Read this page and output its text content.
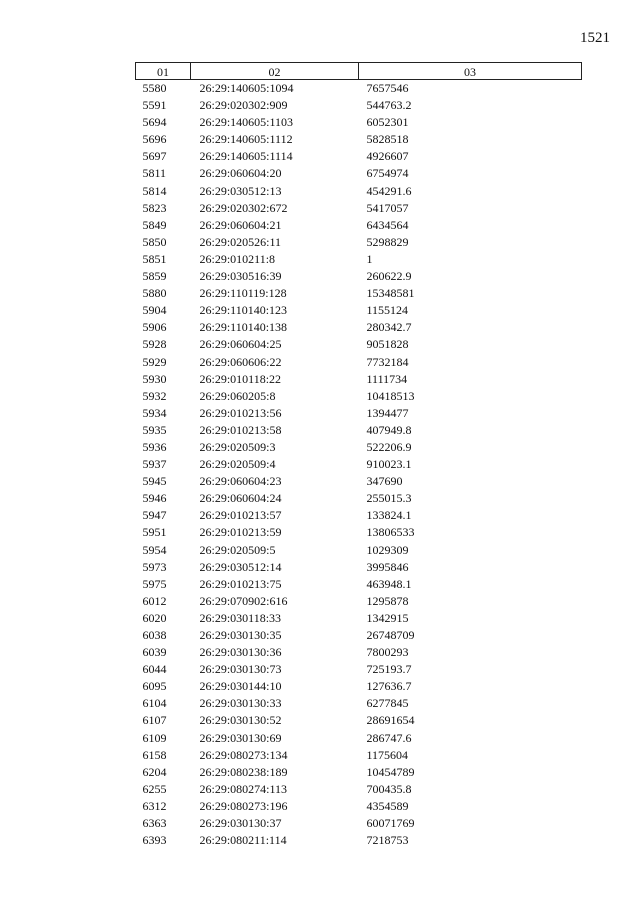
1521
01	02	03
5580	26:29:140605:1094	7657546
5591	26:29:020302:909	544763.2
5694	26:29:140605:1103	6052301
5696	26:29:140605:1112	5828518
5697	26:29:140605:1114	4926607
5811	26:29:060604:20	6754974
5814	26:29:030512:13	454291.6
5823	26:29:020302:672	5417057
5849	26:29:060604:21	6434564
5850	26:29:020526:11	5298829
5851	26:29:010211:8	1
5859	26:29:030516:39	260622.9
5880	26:29:110119:128	15348581
5904	26:29:110140:123	1155124
5906	26:29:110140:138	280342.7
5928	26:29:060604:25	9051828
5929	26:29:060606:22	7732184
5930	26:29:010118:22	1111734
5932	26:29:060205:8	10418513
5934	26:29:010213:56	1394477
5935	26:29:010213:58	407949.8
5936	26:29:020509:3	522206.9
5937	26:29:020509:4	910023.1
5945	26:29:060604:23	347690
5946	26:29:060604:24	255015.3
5947	26:29:010213:57	133824.1
5951	26:29:010213:59	13806533
5954	26:29:020509:5	1029309
5973	26:29:030512:14	3995846
5975	26:29:010213:75	463948.1
6012	26:29:070902:616	1295878
6020	26:29:030118:33	1342915
6038	26:29:030130:35	26748709
6039	26:29:030130:36	7800293
6044	26:29:030130:73	725193.7
6095	26:29:030144:10	127636.7
6104	26:29:030130:33	6277845
6107	26:29:030130:52	28691654
6109	26:29:030130:69	286747.6
6158	26:29:080273:134	1175604
6204	26:29:080238:189	10454789
6255	26:29:080274:113	700435.8
6312	26:29:080273:196	4354589
6363	26:29:030130:37	60071769
6393	26:29:080211:114	7218753
